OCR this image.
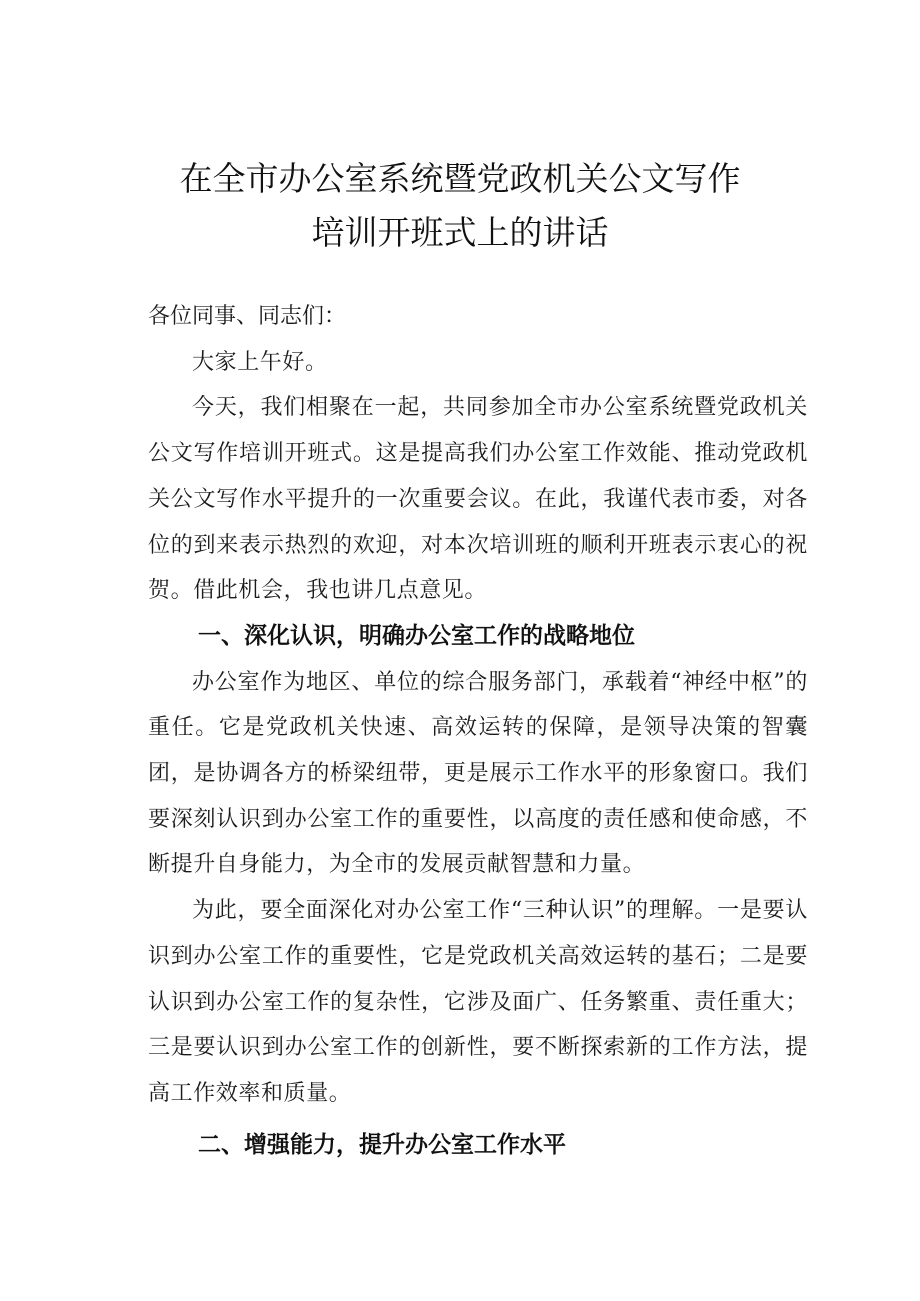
在全市办公室系统暨党政机关公文写作
培训开班式上的讲话

各位同事、同志们：

大家上午好。

今天，我们相聚在一起，共同参加全市办公室系统暨党政机关公文写作培训开班式。这是提高我们办公室工作效能、推动党政机关公文写作水平提升的一次重要会议。在此，我谨代表市委，对各位的到来表示热烈的欢迎，对本次培训班的顺利开班表示衷心的祝贺。借此机会，我也讲几点意见。

一、深化认识，明确办公室工作的战略地位

办公室作为地区、单位的综合服务部门，承载着“神经中枢”的重任。它是党政机关快速、高效运转的保障，是领导决策的智囊团，是协调各方的桥梁纽带，更是展示工作水平的形象窗口。我们要深刻认识到办公室工作的重要性，以高度的责任感和使命感，不断提升自身能力，为全市的发展贡献智慧和力量。

为此，要全面深化对办公室工作“三种认识”的理解。一是要认识到办公室工作的重要性，它是党政机关高效运转的基石；二是要认识到办公室工作的复杂性，它涉及面广、任务繁重、责任重大；三是要认识到办公室工作的创新性，要不断探索新的工作方法，提高工作效率和质量。

二、增强能力，提升办公室工作水平
